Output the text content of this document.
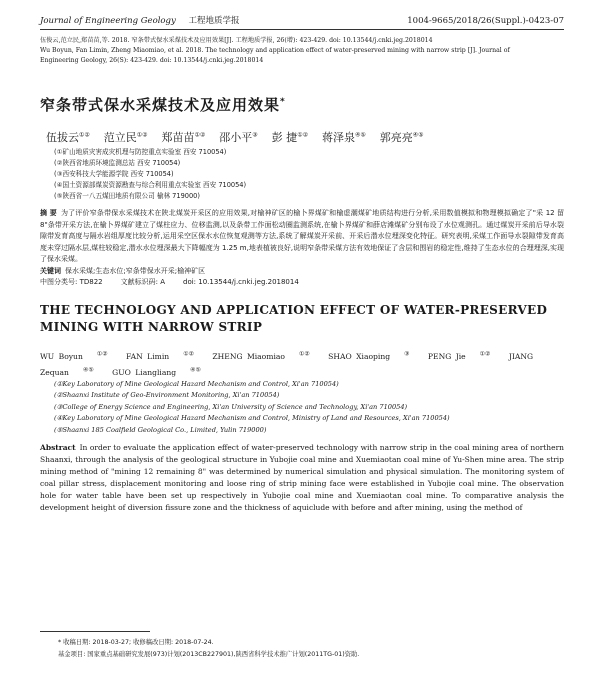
Journal of Engineering Geology 工程地质学报	1004-9665/2018/26(Suppl.)-0423-07
伍俊云,范立民,郑苗苗,等. 2018. 窄条带式保水采煤技术及应用效果[J]. 工程地质学报, 26(增): 423-429. doi: 10.13544/j.cnki.jeg.2018014
Wu Boyun, Fan Limin, Zheng Miaomiao, et al. 2018. The technology and application effect of water-preserved mining with narrow strip [J]. Journal of
Engineering Geology, 26(S): 423-429. doi: 10.13544/j.cnki.jeg.2018014
窄条带式保水采煤技术及应用效果*
伍拔云①② 范立民①② 郑苗苗①② 邵小平③ 彭 捷①② 蒋泽泉④⑤ 郭亮亮④⑤
(①矿山地质灾害成灾机理与防控重点实验室 西安 710054)
(②陕西省地质环境监测总站 西安 710054)
(③西安科技大学能源学院 西安 710054)
(④国土资源部煤炭资源勘查与综合利用重点实验室 西安 710054)
(⑤陕西省一八五煤田地质有限公司 榆林 719000)
摘 要 为了评价窄条带保水采煤技术在陕北煤炭开采区的应用效果,对榆神矿区的榆卜界煤矿和榆虚潮煤矿地质结构进行分析,采用数值模拟和物理模拟确定了"采 12 留 8"条带开采方法,在榆卜界煤矿建立了煤柱应力、位移监测,以及条带工作面松动圈监测系统,在榆卜界煤矿和薛店滩煤矿分别布设了水位观测孔。通过煤炭开采前后导水裂隙带发育高度与隔水岩组厚度比较分析,运用采空区保水水位恢复观测等方法,系统了解煤炭开采前、开采后潜水位埋深变化特征。研究表明,采煤工作面导水裂隙带发育高度未穿过隔水层,煤柱较稳定,潜水水位埋深最大下降幅度为 1.25 m,地表植被良好,说明窄条带采煤方法有效地保证了含层和围岩的稳定性,维持了生态水位的合理埋深,实现了保水采煤。
关键词 保水采煤;生态水位;窄条带保水开采;榆神矿区
中图分类号: TD822	文献标识码: A	doi: 10.13544/j.cnki.jeg.2018014
THE TECHNOLOGY AND APPLICATION EFFECT OF WATER-PRESERVED MINING WITH NARROW STRIP
WU Boyun ①② FAN Limin ①② ZHENG Miaomiao ①② SHAO Xiaoping ③ PENG Jie ①② JIANG Zequan ④⑤ GUO Liangliang ④⑤
(①Key Laboratory of Mine Geological Hazard Mechanism and Control, Xi'an 710054)
(②Shaanxi Institute of Geo-Environment Monitoring, Xi'an 710054)
(③College of Energy Science and Engineering, Xi'an University of Science and Technology, Xi'an 710054)
(④Key Laboratory of Mine Geological Hazard Mechanism and Control, Ministry of Land and Resources, Xi'an 710054)
(⑤Shaanxi 185 Coalfield Geological Co., Limited, Yulin 719000)
Abstract In order to evaluate the application effect of water-preserved technology with narrow strip in the coal mining area of northern Shaanxi, through the analysis of the geological structure in Yubojie coal mine and Xuemiaotan coal mine of Yu-Shen mine area. The strip mining method of "mining 12 remaining 8" was determined by numerical simulation and physical simulation. The monitoring system of coal pillar stress, displacement monitoring and loose ring of strip mining face were established in Yubojie coal mine. The observation hole for water table have been set up respectively in Yubojie coal mine and Xuemiaotan coal mine. To comparative analysis the development height of diversion fissure zone and the thickness of aquiclude with before and after mining, using the method of
* 收稿日期: 2018-03-27; 收修稿改日期: 2018-07-24.
基金项目: 国家重点基础研究发展(973)计划(2013CB227901),陕西省科学技术推广计划(2011TG-01)资助.
